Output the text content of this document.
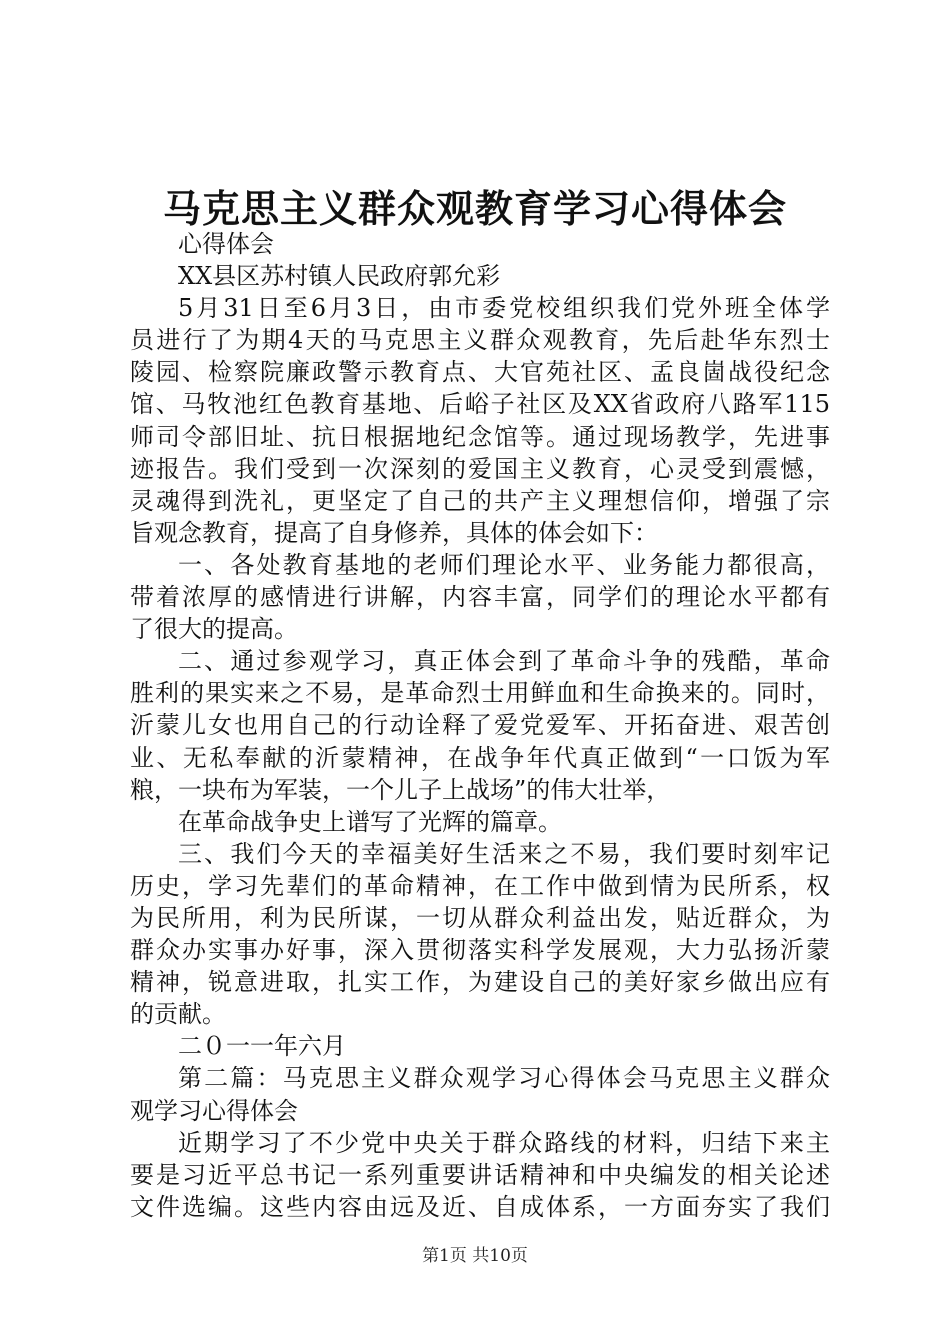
马克思主义群众观教育学习心得体会
心得体会
XX县区苏村镇人民政府郭允彩
5月31日至6月3日，由市委党校组织我们党外班全体学
员进行了为期4天的马克思主义群众观教育，先后赴华东烈士
陵园、检察院廉政警示教育点、大官苑社区、孟良崮战役纪念
馆、马牧池红色教育基地、后峪子社区及XX省政府八路军115
师司令部旧址、抗日根据地纪念馆等。通过现场教学，先进事
迹报告。我们受到一次深刻的爱国主义教育，心灵受到震憾，
灵魂得到洗礼，更坚定了自己的共产主义理想信仰，增强了宗
旨观念教育，提高了自身修养，具体的体会如下：
一、各处教育基地的老师们理论水平、业务能力都很高，
带着浓厚的感情进行讲解，内容丰富，同学们的理论水平都有
了很大的提高。
二、通过参观学习，真正体会到了革命斗争的残酷，革命
胜利的果实来之不易，是革命烈士用鲜血和生命换来的。同时，
沂蒙儿女也用自己的行动诠释了爱党爱军、开拓奋进、艰苦创
业、无私奉献的沂蒙精神，在战争年代真正做到“一口饭为军
粮，一块布为军装，一个儿子上战场”的伟大壮举，
在革命战争史上谱写了光辉的篇章。
三、我们今天的幸福美好生活来之不易，我们要时刻牢记
历史，学习先辈们的革命精神，在工作中做到情为民所系，权
为民所用，利为民所谋，一切从群众利益出发，贴近群众，为
群众办实事办好事，深入贯彻落实科学发展观，大力弘扬沂蒙
精神，锐意进取，扎实工作，为建设自己的美好家乡做出应有
的贡献。
二０一一年六月
第二篇：马克思主义群众观学习心得体会马克思主义群众
观学习心得体会
近期学习了不少党中央关于群众路线的材料，归结下来主
要是习近平总书记一系列重要讲话精神和中央编发的相关论述
文件选编。这些内容由远及近、自成体系，一方面夯实了我们
第1页 共10页
